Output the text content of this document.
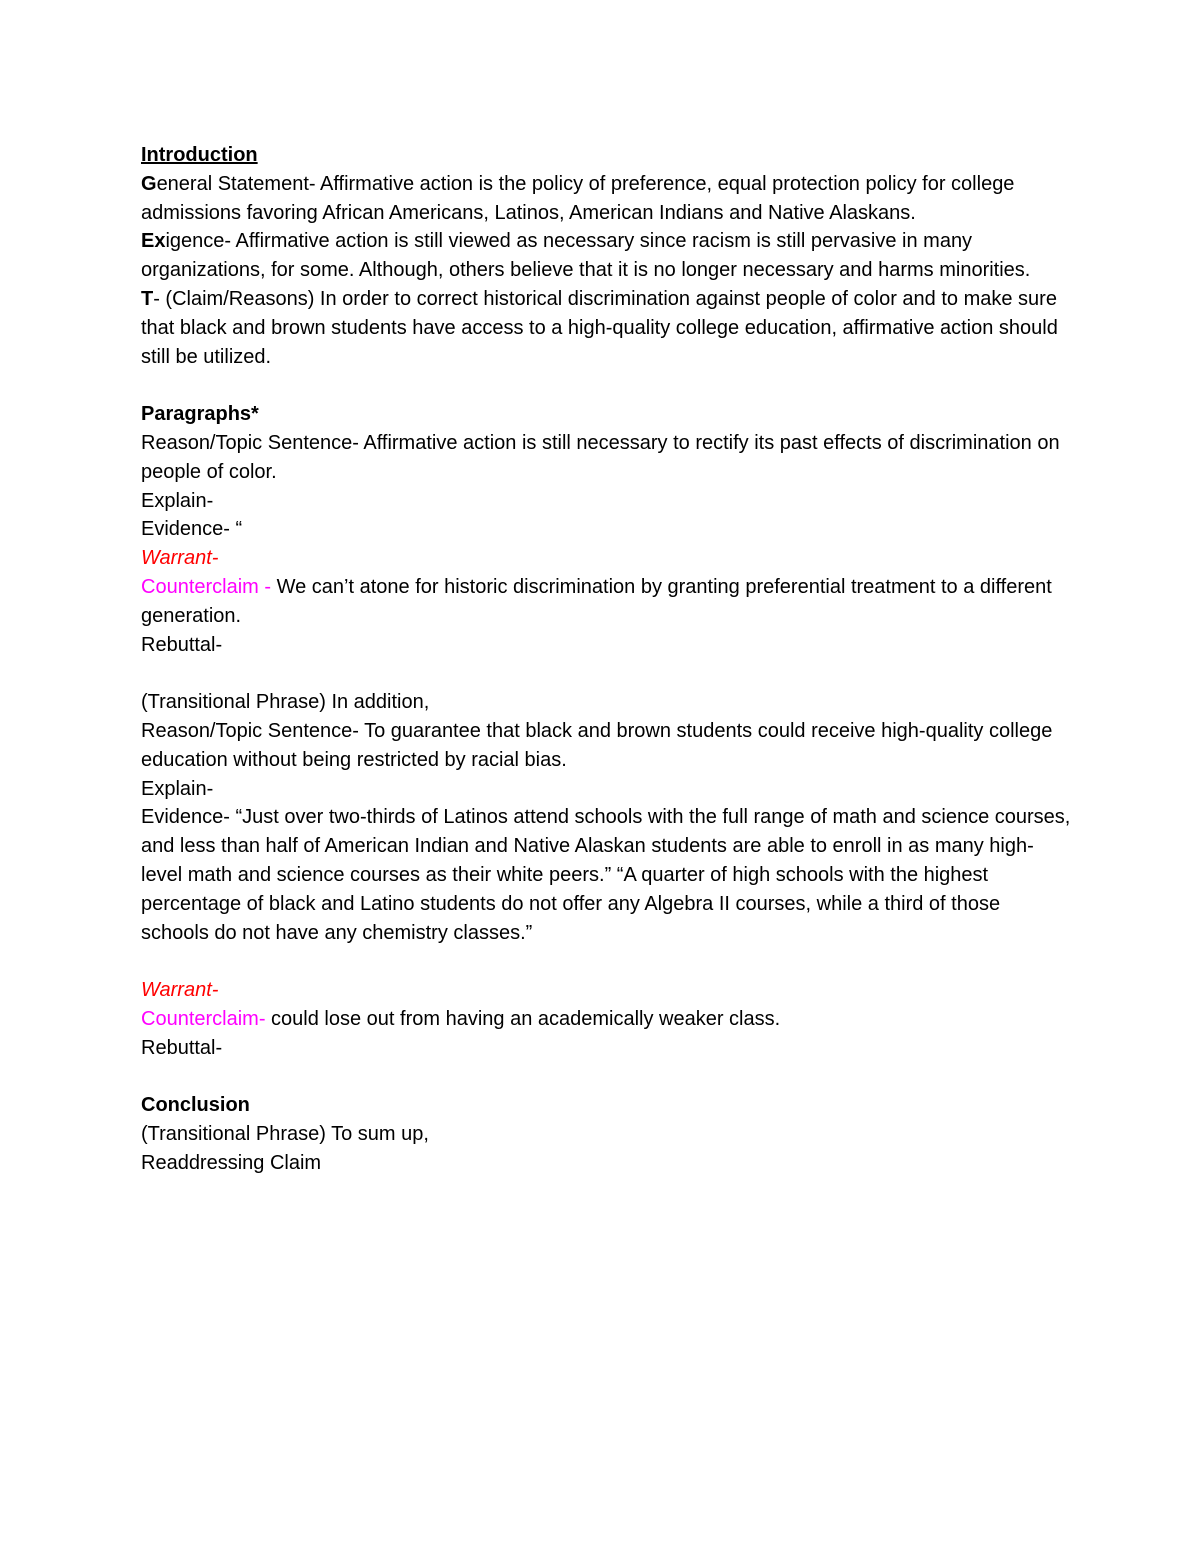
Introduction
General Statement- Affirmative action is the policy of preference, equal protection policy for college admissions favoring African Americans, Latinos, American Indians and Native Alaskans.
Exigence- Affirmative action is still viewed as necessary since racism is still pervasive in many organizations, for some. Although, others believe that it is no longer necessary and harms minorities.
T- (Claim/Reasons) In order to correct historical discrimination against people of color and to make sure that black and brown students have access to a high-quality college education, affirmative action should still be utilized.
Paragraphs*
Reason/Topic Sentence- Affirmative action is still necessary to rectify its past effects of discrimination on people of color.
Explain-
Evidence- “
Warrant-
Counterclaim - We can’t atone for historic discrimination by granting preferential treatment to a different generation.
Rebuttal-
(Transitional Phrase) In addition,
Reason/Topic Sentence- To guarantee that black and brown students could receive high-quality college education without being restricted by racial bias.
Explain-
Evidence- “Just over two-thirds of Latinos attend schools with the full range of math and science courses, and less than half of American Indian and Native Alaskan students are able to enroll in as many high-level math and science courses as their white peers.” “A quarter of high schools with the highest percentage of black and Latino students do not offer any Algebra II courses, while a third of those schools do not have any chemistry classes.”
Warrant-
Counterclaim- could lose out from having an academically weaker class.
Rebuttal-
Conclusion
(Transitional Phrase) To sum up,
Readdressing Claim
